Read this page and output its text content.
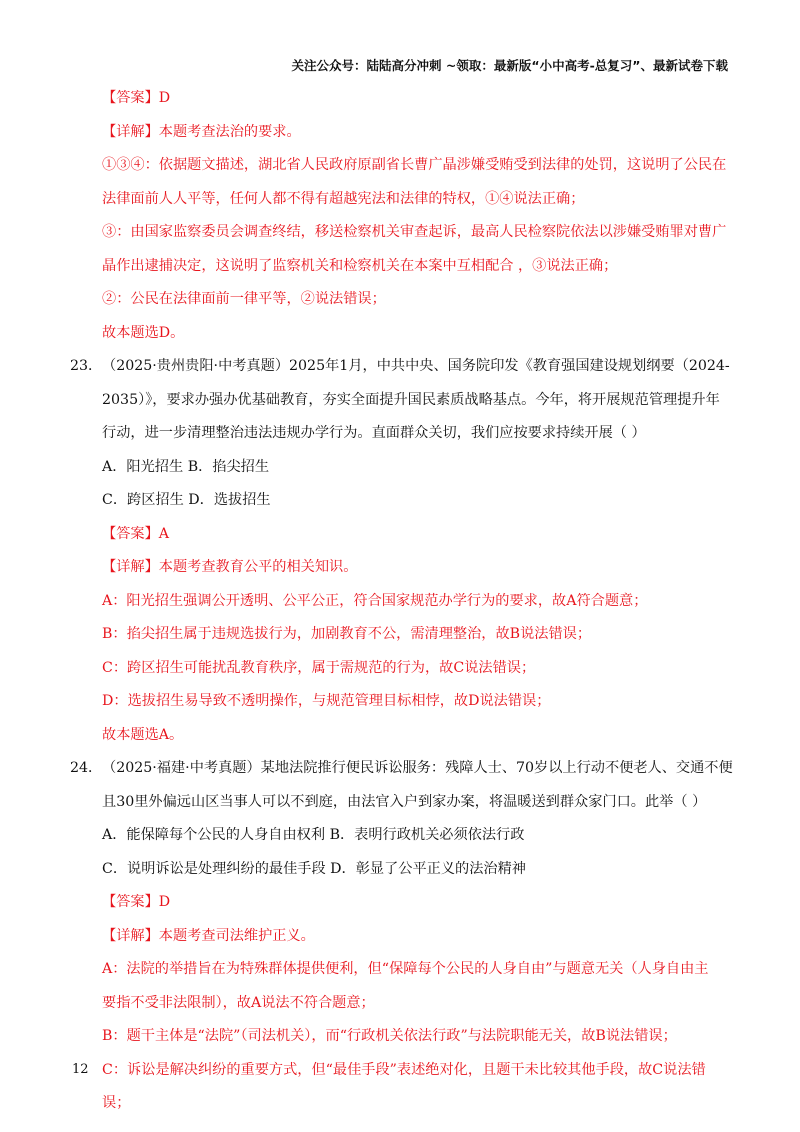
关注公众号：陆陆高分冲刺 ~领取：最新版“小中高考-总复习”、最新试卷下载
【答案】D
【详解】本题考查法治的要求。
①③④：依据题文描述，湖北省人民政府原副省长曹广晶涉嫌受贿受到法律的处罚，这说明了公民在
法律面前人人平等，任何人都不得有超越宪法和法律的特权，①④说法正确；
③：由国家监察委员会调查终结，移送检察机关审查起诉，最高人民检察院依法以涉嫌受贿罪对曹广
晶作出逮捕决定，这说明了监察机关和检察机关在本案中互相配合 ，③说法正确；
②：公民在法律面前一律平等，②说法错误；
故本题选D。
23．（2025·贵州贵阳·中考真题）2025年1月，中共中央、国务院印发《教育强国建设规划纲要（2024-
2035）》，要求办强办优基础教育，夯实全面提升国民素质战略基点。今年，将开展规范管理提升年
行动，进一步清理整治违法违规办学行为。直面群众关切，我们应按要求持续开展（ ）
A．阳光招生 B．掐尖招生
C．跨区招生 D．选拔招生
【答案】A
【详解】本题考查教育公平的相关知识。
A：阳光招生强调公开透明、公平公正，符合国家规范办学行为的要求，故A符合题意；
B：掐尖招生属于违规选拔行为，加剧教育不公，需清理整治，故B说法错误；
C：跨区招生可能扰乱教育秩序，属于需规范的行为，故C说法错误；
D：选拔招生易导致不透明操作，与规范管理目标相悖，故D说法错误；
故本题选A。
24．（2025·福建·中考真题）某地法院推行便民诉讼服务：残障人士、70岁以上行动不便老人、交通不便
且30里外偏远山区当事人可以不到庭，由法官入户到家办案，将温暖送到群众家门口。此举（ ）
A．能保障每个公民的人身自由权利 B．表明行政机关必须依法行政
C．说明诉讼是处理纠纷的最佳手段 D．彰显了公平正义的法治精神
【答案】D
【详解】本题考查司法维护正义。
A：法院的举措旨在为特殊群体提供便利，但“保障每个公民的人身自由”与题意无关（人身自由主
要指不受非法限制），故A说法不符合题意；
B：题干主体是“法院”（司法机关），而“行政机关依法行政”与法院职能无关，故B说法错误；
C：诉讼是解决纠纷的重要方式，但“最佳手段”表述绝对化，且题干未比较其他手段，故C说法错
误；
12
